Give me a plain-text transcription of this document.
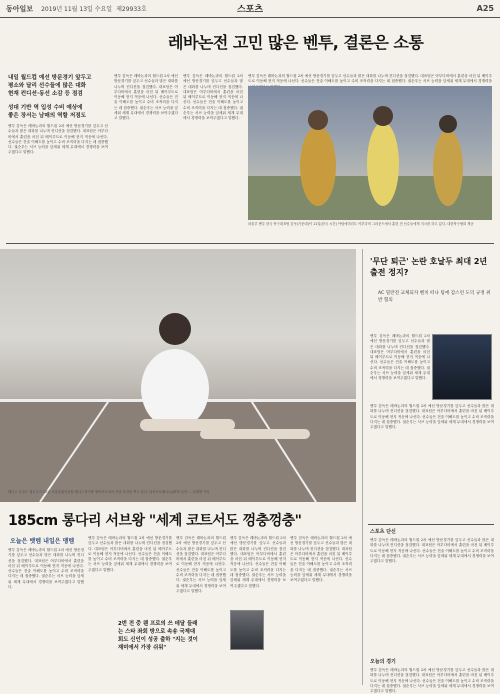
동아일보 2019년 11월 13일 수요일 제29933호	스포츠	A25
레바논전 고민 많은 벤투, 결론은 소통
내일 월드컵 예선 방문경기 앞두고
평소와 달리 선수들에 많은 대화
현재 컨디션·동선 소감 등 점검
성대 기반 역 입성 수비 예상에
좋은 장서는 남매의 역할 저점도
벤투 감독은 레바논과의 월드컵 2차 예선 방문경기를 앞두고 선수들과 많은 대화를 나누며 컨디션을 점검했다. 대표팀은 아부다비에서 훈련을 마친 뒤 베이루트로 이동해 현지 적응에 나선다. 선수들은 전술 이해도를 높이고 수비 조직력을 다지는 데 집중했다. 권순우는 서브 능력을 앞세워 세계 무대에서 경쟁력을 보여주겠다고 말했다.
벤투 감독은 레바논과의 월드컵 2차 예선 방문경기를 앞두고 선수들과 많은 대화를 나누며 컨디션을 점검했다. 대표팀은 아부다비에서 훈련을 마친 뒤 베이루트로 이동해 현지 적응에 나선다. 선수들은 전술 이해도를 높이고 수비 조직력을 다지는 데 집중했다. 권순우는 서브 능력을 앞세워 세계 무대에서 경쟁력을 보여주겠다고 말했다.
벤투 감독은 레바논과의 월드컵 2차 예선 방문경기를 앞두고 선수들과 많은 대화를 나누며 컨디션을 점검했다. 대표팀은 아부다비에서 훈련을 마친 뒤 베이루트로 이동해 현지 적응에 나선다. 선수들은 전술 이해도를 높이고 수비 조직력을 다지는 데 집중했다. 권순우는 서브 능력을 앞세워 세계 무대에서 경쟁력을 보여주겠다고 말했다.
벤투 감독은 레바논과의 월드컵 2차 예선 방문경기를 앞두고 선수들과 많은 대화를 나누며 컨디션을 점검했다. 대표팀은 아부다비에서 훈련을 마친 뒤 베이루트로 이동해 현지 적응에 나선다. 선수들은 전술 이해도를 높이고 수비 조직력을 다지는 데 집중했다. 권순우는 서브 능력을 앞세워 세계 무대에서 경쟁력을
파울루 벤투 한국 축구대표팀 감독(가운데)이 11일(한국 시간) 아랍에미리트 아부다비 그라운드에서 훈련 전 선수들에게 지시를 하고 있다. 대한축구협회 제공
테니스 유망주 권순우가 12일 서울올림픽공원 테니스경기장 센터코트에서 기념 사진을 찍고 있다. 남자프로테니스(ATP) 투어 ... 김재명 기자
185cm 롱다리 서브왕 "세계 코트서도 껑충껑충"
오늘은 뱃템 내일은 맹템
벤투 감독은 레바논과의 월드컵 2차 예선 방문경기를 앞두고 선수들과 많은 대화를 나누며 컨디션을 점검했다. 대표팀은 아부다비에서 훈련을 마친 뒤 베이루트로 이동해 현지 적응에 나선다. 선수들은 전술 이해도를 높이고 수비 조직력을 다지는 데 집중했다. 권순우는 서브 능력을 앞세워 세계 무대에서 경쟁력을 보여주겠다고 말했다.
벤투 감독은 레바논과의 월드컵 2차 예선 방문경기를 앞두고 선수들과 많은 대화를 나누며 컨디션을 점검했다. 대표팀은 아부다비에서 훈련을 마친 뒤 베이루트로 이동해 현지 적응에 나선다. 선수들은 전술 이해도를 높이고 수비 조직력을 다지는 데 집중했다. 권순우는 서브 능력을 앞세워 세계 무대에서 경쟁력을 보여주겠다고 말했다.
2번 전 중 웬 프로의 쓰 데달 들래는 스타 좌회 방으로 속송 국제대회도 신인이 성공 출하 "지는 것이 재미에서 가장 쉬워"
벤투 감독은 레바논과의 월드컵 2차 예선 방문경기를 앞두고 선수들과 많은 대화를 나누며 컨디션을 점검했다. 대표팀은 아부다비에서 훈련을 마친 뒤 베이루트로 이동해 현지 적응에 나선다. 선수들은 전술 이해도를 높이고 수비 조직력을 다지는 데 집중했다. 권순우는 서브 능력을 앞세워 세계 무대에서 경쟁력을 보여주겠다고 말했다.
벤투 감독은 레바논과의 월드컵 2차 예선 방문경기를 앞두고 선수들과 많은 대화를 나누며 컨디션을 점검했다. 대표팀은 아부다비에서 훈련을 마친 뒤 베이루트로 이동해 현지 적응에 나선다. 선수들은 전술 이해도를 높이고 수비 조직력을 다지는 데 집중했다. 권순우는 서브 능력을 앞세워 세계 무대에서 경쟁력을 보여주겠다고 말했다.
벤투 감독은 레바논과의 월드컵 2차 예선 방문경기를 앞두고 선수들과 많은 대화를 나누며 컨디션을 점검했다. 대표팀은 아부다비에서 훈련을 마친 뒤 베이루트로 이동해 현지 적응에 나선다. 선수들은 전술 이해도를 높이고 수비 조직력을 다지는 데 집중했다. 권순우는 서브 능력을 앞세워 세계 무대에서 경쟁력을 보여주겠다고 말했다.
'무단 퇴근' 논란 호날두 최대 2년 출전 정지?
AC 밀란전 교체되자 벤치 떠나 팀에 감스런 도덕 규정 위반 혐의
벤투 감독은 레바논과의 월드컵 2차 예선 방문경기를 앞두고 선수들과 많은 대화를 나누며 컨디션을 점검했다. 대표팀은 아부다비에서 훈련을 마친 뒤 베이루트로 이동해 현지 적응에 나선다. 선수들은 전술 이해도를 높이고 수비 조직력을 다지는 데 집중했다. 권순우는 서브 능력을 앞세워 세계 무대에서 경쟁력을 보여주겠다고 말했다.
벤투 감독은 레바논과의 월드컵 2차 예선 방문경기를 앞두고 선수들과 많은 대화를 나누며 컨디션을 점검했다. 대표팀은 아부다비에서 훈련을 마친 뒤 베이루트로 이동해 현지 적응에 나선다. 선수들은 전술 이해도를 높이고 수비 조직력을 다지는 데 집중했다. 권순우는 서브 능력을 앞세워 세계 무대에서 경쟁력을 보여주겠다고 말했다.
스포츠 단신
벤투 감독은 레바논과의 월드컵 2차 예선 방문경기를 앞두고 선수들과 많은 대화를 나누며 컨디션을 점검했다. 대표팀은 아부다비에서 훈련을 마친 뒤 베이루트로 이동해 현지 적응에 나선다. 선수들은 전술 이해도를 높이고 수비 조직력을 다지는 데 집중했다. 권순우는 서브 능력을 앞세워 세계 무대에서 경쟁력을 보여주겠다고 말했다.
오늘의 경기
벤투 감독은 레바논과의 월드컵 2차 예선 방문경기를 앞두고 선수들과 많은 대화를 나누며 컨디션을 점검했다. 대표팀은 아부다비에서 훈련을 마친 뒤 베이루트로 이동해 현지 적응에 나선다. 선수들은 전술 이해도를 높이고 수비 조직력을 다지는 데 집중했다. 권순우는 서브 능력을 앞세워 세계 무대에서 경쟁력을 보여주겠다고 말했다.
